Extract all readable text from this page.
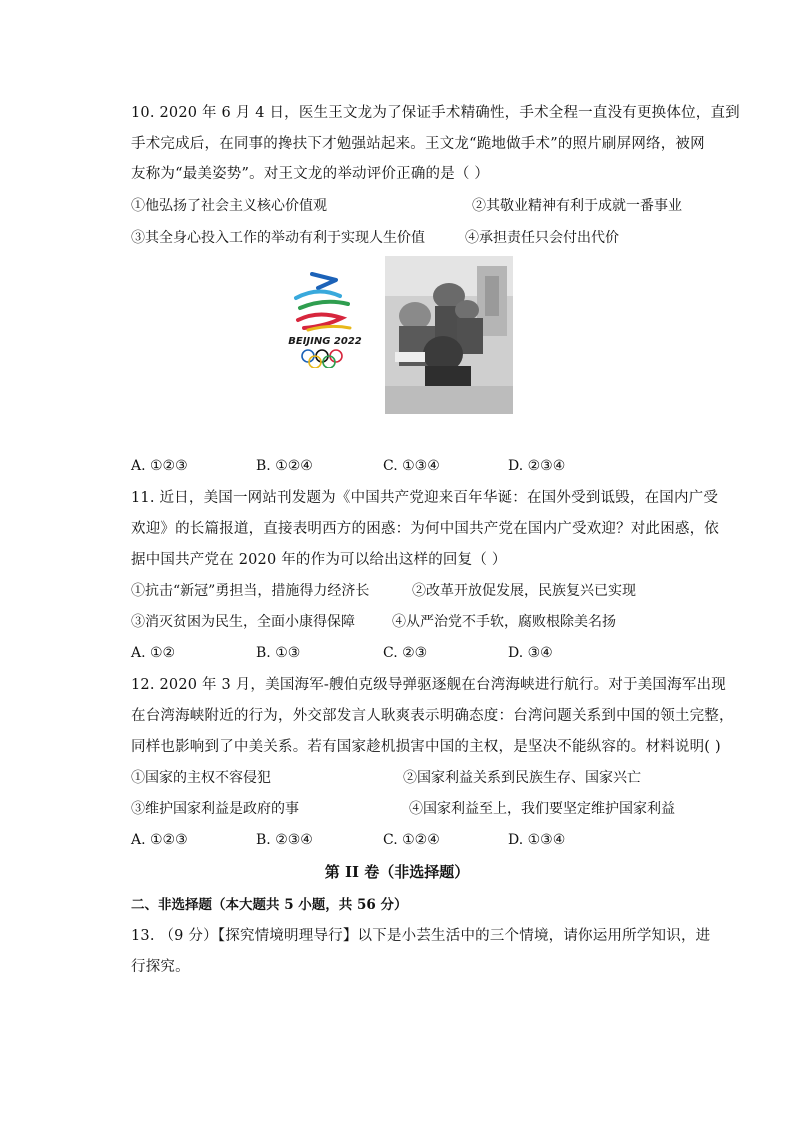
10. 2020 年 6 月 4 日，医生王文龙为了保证手术精确性，手术全程一直没有更换体位，直到
手术完成后，在同事的搀扶下才勉强站起来。王文龙“跪地做手术”的照片刷屏网络，被网
友称为“最美姿势”。对王文龙的举动评价正确的是（ ）
①他弘扬了社会主义核心价值观	②其敬业精神有利于成就一番事业
③其全身心投入工作的举动有利于实现人生价值	④承担责任只会付出代价
BEIJING 2022
A. ①②③	B. ①②④	C. ①③④	D. ②③④
11. 近日，美国一网站刊发题为《中国共产党迎来百年华诞：在国外受到诋毁，在国内广受
欢迎》的长篇报道，直接表明西方的困惑：为何中国共产党在国内广受欢迎？对此困惑，依
据中国共产党在 2020 年的作为可以给出这样的回复（ ）
①抗击“新冠”勇担当，措施得力经济长	②改革开放促发展，民族复兴已实现
③消灭贫困为民生，全面小康得保障	④从严治党不手软，腐败根除美名扬
A. ①②	B. ①③	C. ②③	D. ③④
12. 2020 年 3 月，美国海军-艘伯克级导弹驱逐舰在台湾海峡进行航行。对于美国海军出现
在台湾海峡附近的行为，外交部发言人耿爽表示明确态度：台湾问题关系到中国的领土完整，
同样也影响到了中美关系。若有国家趁机损害中国的主权，是坚决不能纵容的。材料说明( )
①国家的主权不容侵犯	②国家利益关系到民族生存、国家兴亡
③维护国家利益是政府的事	④国家利益至上，我们要坚定维护国家利益
A. ①②③	B. ②③④	C. ①②④	D. ①③④
第 II 卷（非选择题）
二、非选择题（本大题共 5 小题，共 56 分）
13. （9 分）【探究情境明理导行】以下是小芸生活中的三个情境，请你运用所学知识，进
行探究。
